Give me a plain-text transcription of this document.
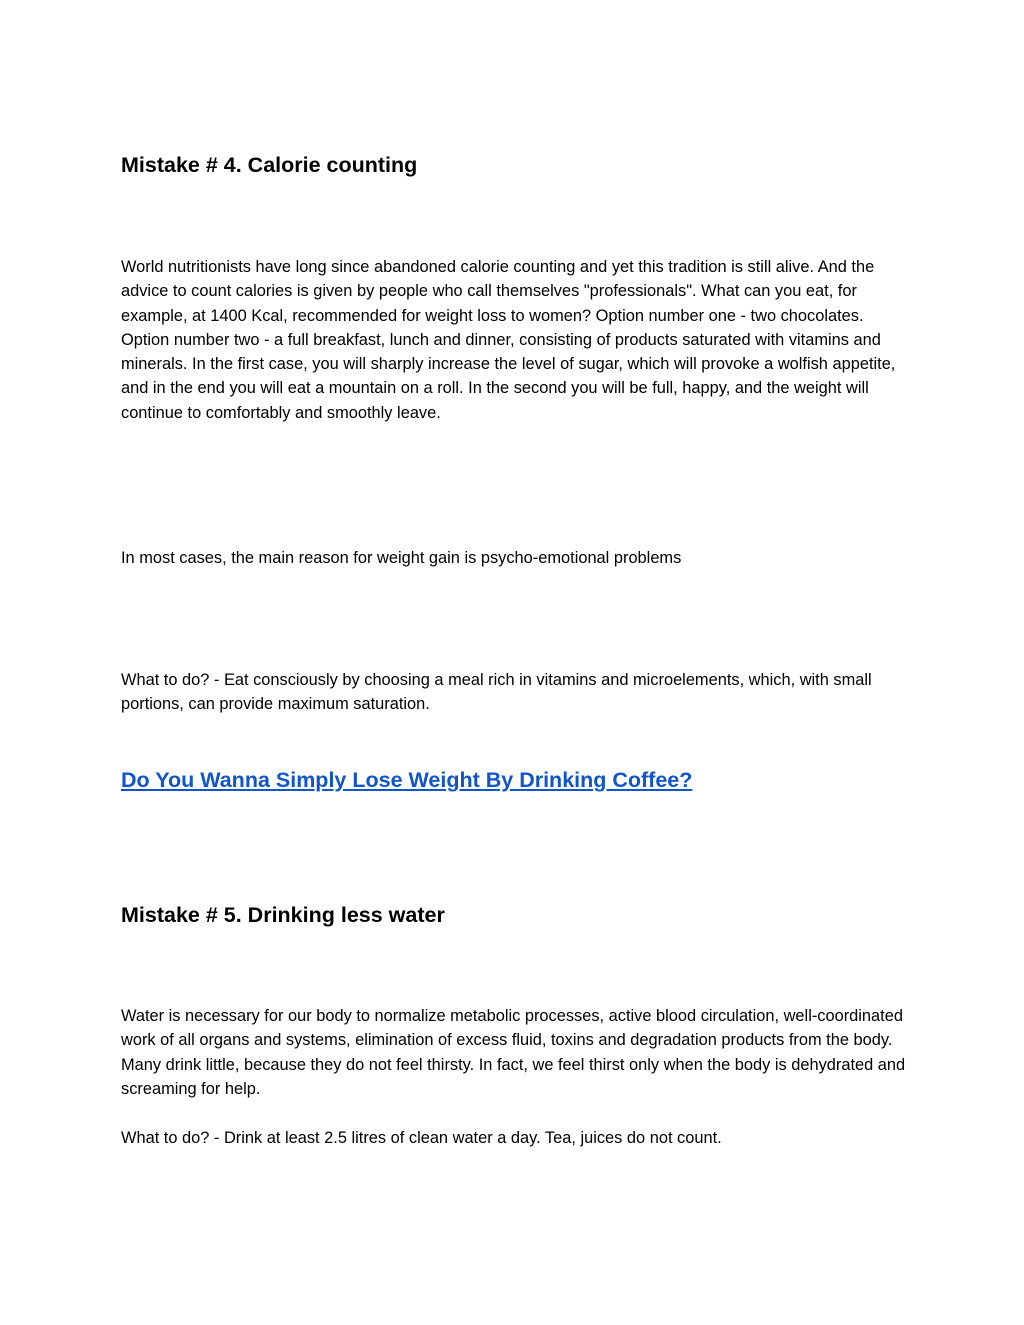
Mistake # 4. Calorie counting

World nutritionists have long since abandoned calorie counting and yet this tradition is still alive. And the advice to count calories is given by people who call themselves "professionals". What can you eat, for example, at 1400 Kcal, recommended for weight loss to women? Option number one - two chocolates. Option number two - a full breakfast, lunch and dinner, consisting of products saturated with vitamins and minerals. In the first case, you will sharply increase the level of sugar, which will provoke a wolfish appetite, and in the end you will eat a mountain on a roll. In the second you will be full, happy, and the weight will continue to comfortably and smoothly leave.

In most cases, the main reason for weight gain is psycho-emotional problems

What to do? - Eat consciously by choosing a meal rich in vitamins and microelements, which, with small portions, can provide maximum saturation.

Do You Wanna Simply Lose Weight By Drinking Coffee?
Mistake # 5. Drinking less water

Water is necessary for our body to normalize metabolic processes, active blood circulation, well-coordinated work of all organs and systems, elimination of excess fluid, toxins and degradation products from the body. Many drink little, because they do not feel thirsty. In fact, we feel thirst only when the body is dehydrated and screaming for help.

What to do? - Drink at least 2.5 litres of clean water a day. Tea, juices do not count.
